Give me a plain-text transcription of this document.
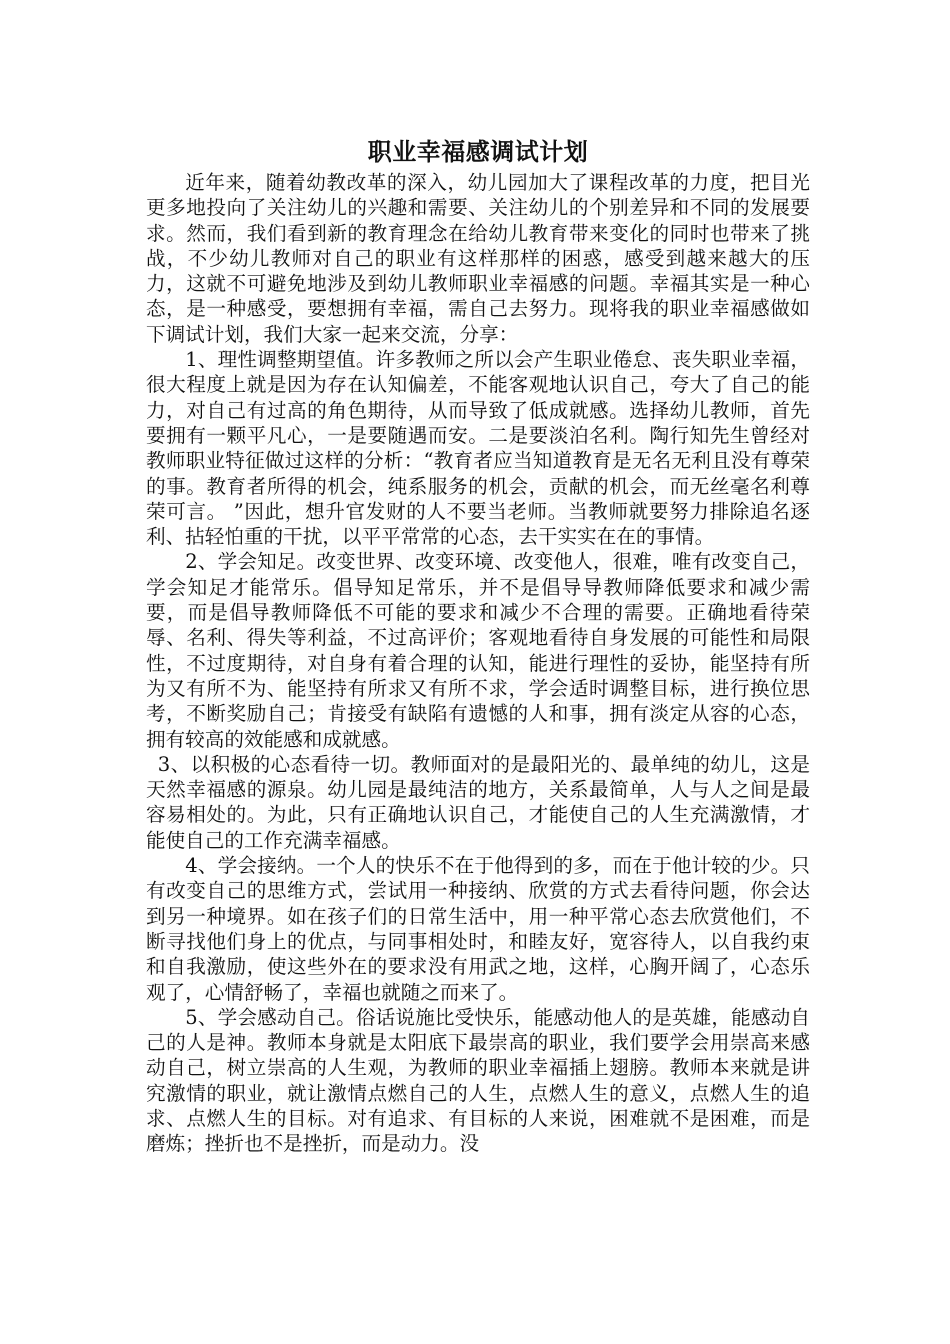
职业幸福感调试计划

近年来，随着幼教改革的深入，幼儿园加大了课程改革的力度，把目光更多地投向了关注幼儿的兴趣和需要、关注幼儿的个别差异和不同的发展要求。然而，我们看到新的教育理念在给幼儿教育带来变化的同时也带来了挑战，不少幼儿教师对自己的职业有这样那样的困惑，感受到越来越大的压力，这就不可避免地涉及到幼儿教师职业幸福感的问题。幸福其实是一种心态，是一种感受，要想拥有幸福，需自己去努力。现将我的职业幸福感做如下调试计划，我们大家一起来交流，分享：

1、理性调整期望值。许多教师之所以会产生职业倦怠、丧失职业幸福，很大程度上就是因为存在认知偏差，不能客观地认识自己，夸大了自己的能力，对自己有过高的角色期待，从而导致了低成就感。选择幼儿教师，首先要拥有一颗平凡心，一是要随遇而安。二是要淡泊名利。陶行知先生曾经对教师职业特征做过这样的分析：“教育者应当知道教育是无名无利且没有尊荣的事。教育者所得的机会，纯系服务的机会，贡献的机会，而无丝毫名利尊荣可言。 ”因此，想升官发财的人不要当老师。当教师就要努力排除追名逐利、拈轻怕重的干扰，以平平常常的心态，去干实实在在的事情。

2、学会知足。改变世界、改变环境、改变他人，很难，唯有改变自己，学会知足才能常乐。倡导知足常乐，并不是倡导导教师降低要求和减少需要，而是倡导教师降低不可能的要求和减少不合理的需要。正确地看待荣辱、名利、得失等利益，不过高评价；客观地看待自身发展的可能性和局限性，不过度期待，对自身有着合理的认知，能进行理性的妥协，能坚持有所为又有所不为、能坚持有所求又有所不求，学会适时调整目标，进行换位思考，不断奖励自己；肯接受有缺陷有遗憾的人和事，拥有淡定从容的心态，拥有较高的效能感和成就感。

3、以积极的心态看待一切。教师面对的是最阳光的、最单纯的幼儿，这是天然幸福感的源泉。幼儿园是最纯洁的地方，关系最简单，人与人之间是最容易相处的。为此，只有正确地认识自己，才能使自己的人生充满激情，才能使自己的工作充满幸福感。

4、学会接纳。一个人的快乐不在于他得到的多，而在于他计较的少。只有改变自己的思维方式，尝试用一种接纳、欣赏的方式去看待问题，你会达到另一种境界。如在孩子们的日常生活中，用一种平常心态去欣赏他们，不断寻找他们身上的优点，与同事相处时，和睦友好，宽容待人，以自我约束和自我激励，使这些外在的要求没有用武之地，这样，心胸开阔了，心态乐观了，心情舒畅了，幸福也就随之而来了。

5、学会感动自己。俗话说施比受快乐，能感动他人的是英雄，能感动自己的人是神。教师本身就是太阳底下最崇高的职业，我们要学会用崇高来感动自己，树立崇高的人生观，为教师的职业幸福插上翅膀。教师本来就是讲究激情的职业，就让激情点燃自己的人生，点燃人生的意义，点燃人生的追求、点燃人生的目标。对有追求、有目标的人来说，困难就不是困难，而是磨炼；挫折也不是挫折，而是动力。没
